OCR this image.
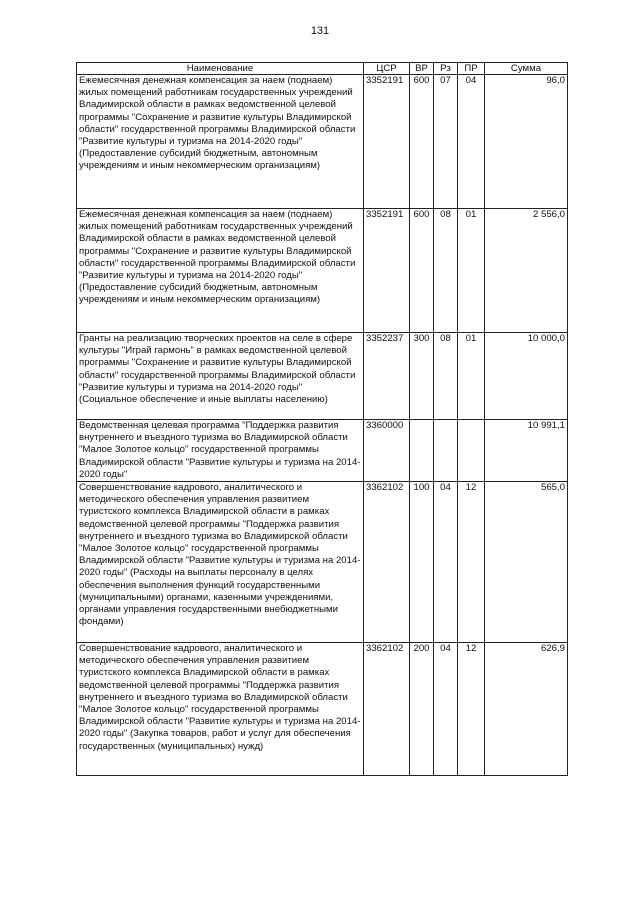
131
Наименование	ЦСР	ВР	Рз	ПР	Сумма
Ежемесячная денежная компенсация за наем (поднаем) жилых помещений работникам государственных учреждений Владимирской области в рамках ведомственной целевой программы "Сохранение и развитие культуры Владимирской области" государственной программы Владимирской области "Развитие культуры и туризма на 2014-2020 годы" (Предоставление субсидий бюджетным, автономным учреждениям и иным некоммерческим организациям)	3352191	600	07	04	96,0
Ежемесячная денежная компенсация за наем (поднаем) жилых помещений работникам государственных учреждений Владимирской области в рамках ведомственной целевой программы "Сохранение и развитие культуры Владимирской области" государственной программы Владимирской области "Развитие культуры и туризма на 2014-2020 годы" (Предоставление субсидий бюджетным, автономным учреждениям и иным некоммерческим организациям)	3352191	600	08	01	2 556,0
Гранты на реализацию творческих проектов на селе в сфере культуры "Играй гармонь" в рамках ведомственной целевой программы "Сохранение и развитие культуры Владимирской области" государственной программы Владимирской области "Развитие культуры и туризма на 2014-2020 годы" (Социальное обеспечение и иные выплаты населению)	3352237	300	08	01	10 000,0
Ведомственная целевая программа "Поддержка развития внутреннего и въездного туризма во Владимирской области "Малое Золотое кольцо" государственной программы Владимирской области "Развитие культуры и туризма на 2014-2020 годы"	3360000				10 991,1
Совершенствование кадрового, аналитического и методического обеспечения управления развитием туристского комплекса Владимирской области в рамках ведомственной целевой программы "Поддержка развития внутреннего и въездного туризма во Владимирской области "Малое Золотое кольцо" государственной программы Владимирской области "Развитие культуры и туризма на 2014-2020 годы" (Расходы на выплаты персоналу в целях обеспечения выполнения функций государственными (муниципальными) органами, казенными учреждениями, органами управления государственными внебюджетными фондами)	3362102	100	04	12	565,0
Совершенствование кадрового, аналитического и методического обеспечения управления развитием туристского комплекса Владимирской области в рамках ведомственной целевой программы "Поддержка развития внутреннего и въездного туризма во Владимирской области "Малое Золотое кольцо" государственной программы Владимирской области "Развитие культуры и туризма на 2014-2020 годы" (Закупка товаров, работ и услуг для обеспечения государственных (муниципальных) нужд)	3362102	200	04	12	626,9
